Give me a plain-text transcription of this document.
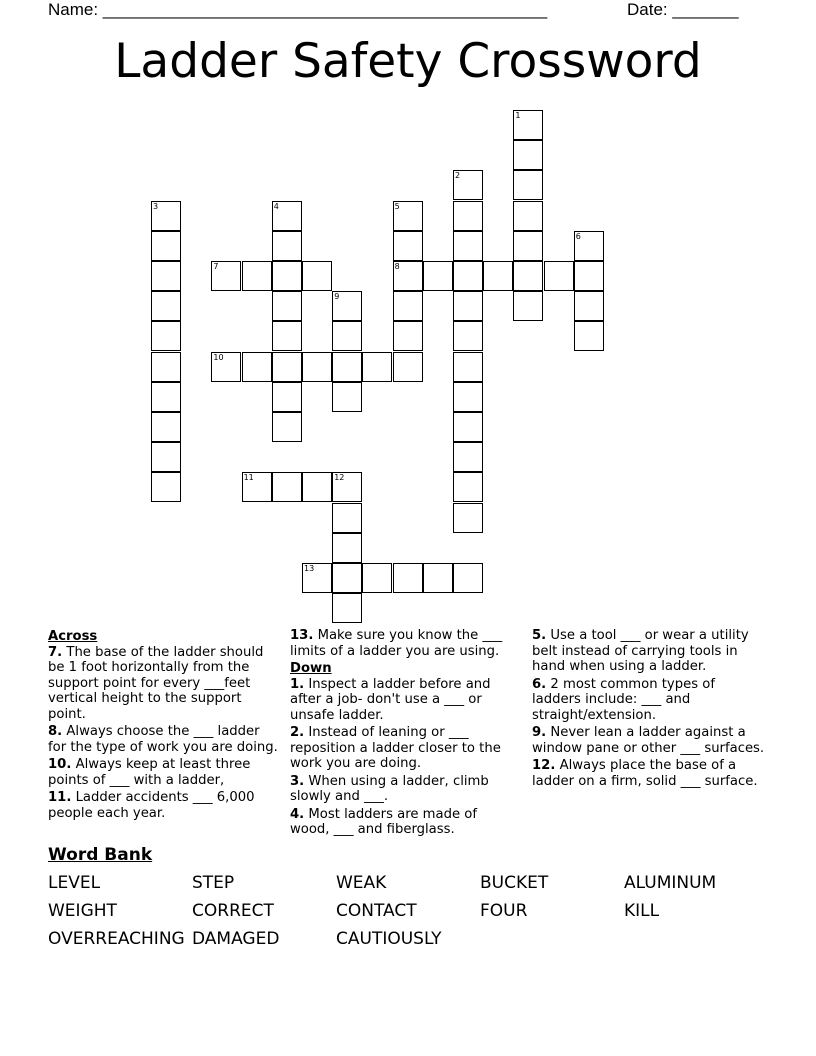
Name: _______________________________________________	Date: _______
Ladder Safety Crossword
1
2
3	4	5
8
6
7
9
10
11	12
13
Across
7. The base of the ladder should be 1 foot horizontally from the support point for every ___feet vertical height to the support point.
8. Always choose the ___ ladder for the type of work you are doing.
10. Always keep at least three points of ___ with a ladder,
11. Ladder accidents ___ 6,000 people each year.
13. Make sure you know the ___ limits of a ladder you are using.
Down
1. Inspect a ladder before and after a job- don't use a ___ or unsafe ladder.
2. Instead of leaning or ___ reposition a ladder closer to the work you are doing.
3. When using a ladder, climb slowly and ___.
4. Most ladders are made of wood, ___ and fiberglass.
5. Use a tool ___ or wear a utility belt instead of carrying tools in hand when using a ladder.
6. 2 most common types of ladders include: ___ and straight/extension.
9. Never lean a ladder against a window pane or other ___ surfaces.
12. Always place the base of a ladder on a firm, solid ___ surface.
Word Bank
LEVEL	STEP	WEAK	BUCKET	ALUMINUM
WEIGHT	CORRECT	CONTACT	FOUR	KILL
OVERREACHING DAMAGED	CAUTIOUSLY
